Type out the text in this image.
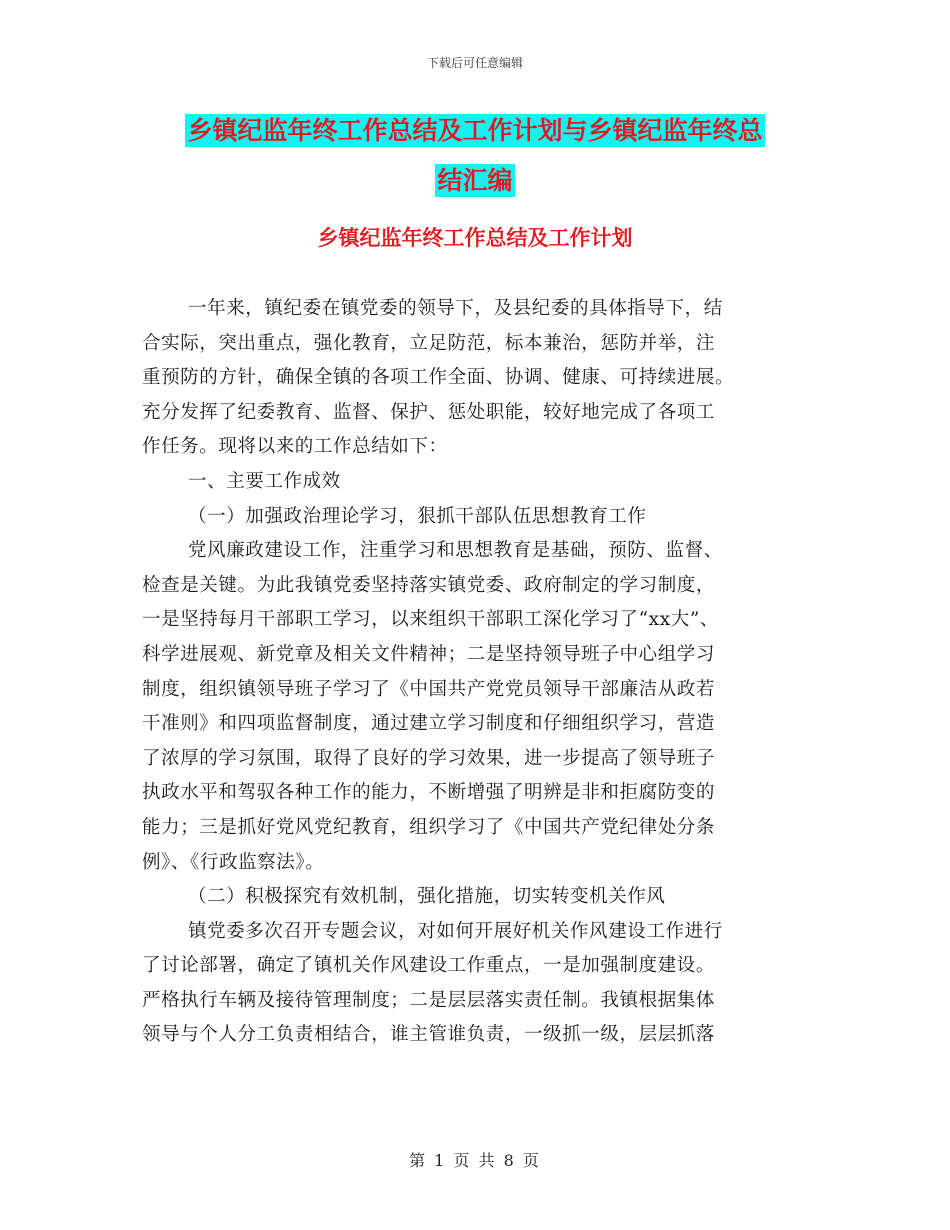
下载后可任意编辑
乡镇纪监年终工作总结及工作计划与乡镇纪监年终总
结汇编
乡镇纪监年终工作总结及工作计划
一年来，镇纪委在镇党委的领导下，及县纪委的具体指导下，结
合实际，突出重点，强化教育，立足防范，标本兼治，惩防并举，注
重预防的方针，确保全镇的各项工作全面、协调、健康、可持续进展。
充分发挥了纪委教育、监督、保护、惩处职能，较好地完成了各项工
作任务。现将以来的工作总结如下：
一、主要工作成效
（一）加强政治理论学习，狠抓干部队伍思想教育工作
党风廉政建设工作，注重学习和思想教育是基础，预防、监督、
检查是关键。为此我镇党委坚持落实镇党委、政府制定的学习制度，
一是坚持每月干部职工学习，以来组织干部职工深化学习了“xx大”、
科学进展观、新党章及相关文件精神；二是坚持领导班子中心组学习
制度，组织镇领导班子学习了《中国共产党党员领导干部廉洁从政若
干准则》和四项监督制度，通过建立学习制度和仔细组织学习，营造
了浓厚的学习氛围，取得了良好的学习效果，进一步提高了领导班子
执政水平和驾驭各种工作的能力，不断增强了明辨是非和拒腐防变的
能力；三是抓好党风党纪教育，组织学习了《中国共产党纪律处分条
例》、《行政监察法》。
（二）积极探究有效机制，强化措施，切实转变机关作风
镇党委多次召开专题会议，对如何开展好机关作风建设工作进行
了讨论部署，确定了镇机关作风建设工作重点，一是加强制度建设。
严格执行车辆及接待管理制度；二是层层落实责任制。我镇根据集体
领导与个人分工负责相结合，谁主管谁负责，一级抓一级，层层抓落
第 1 页 共 8 页
